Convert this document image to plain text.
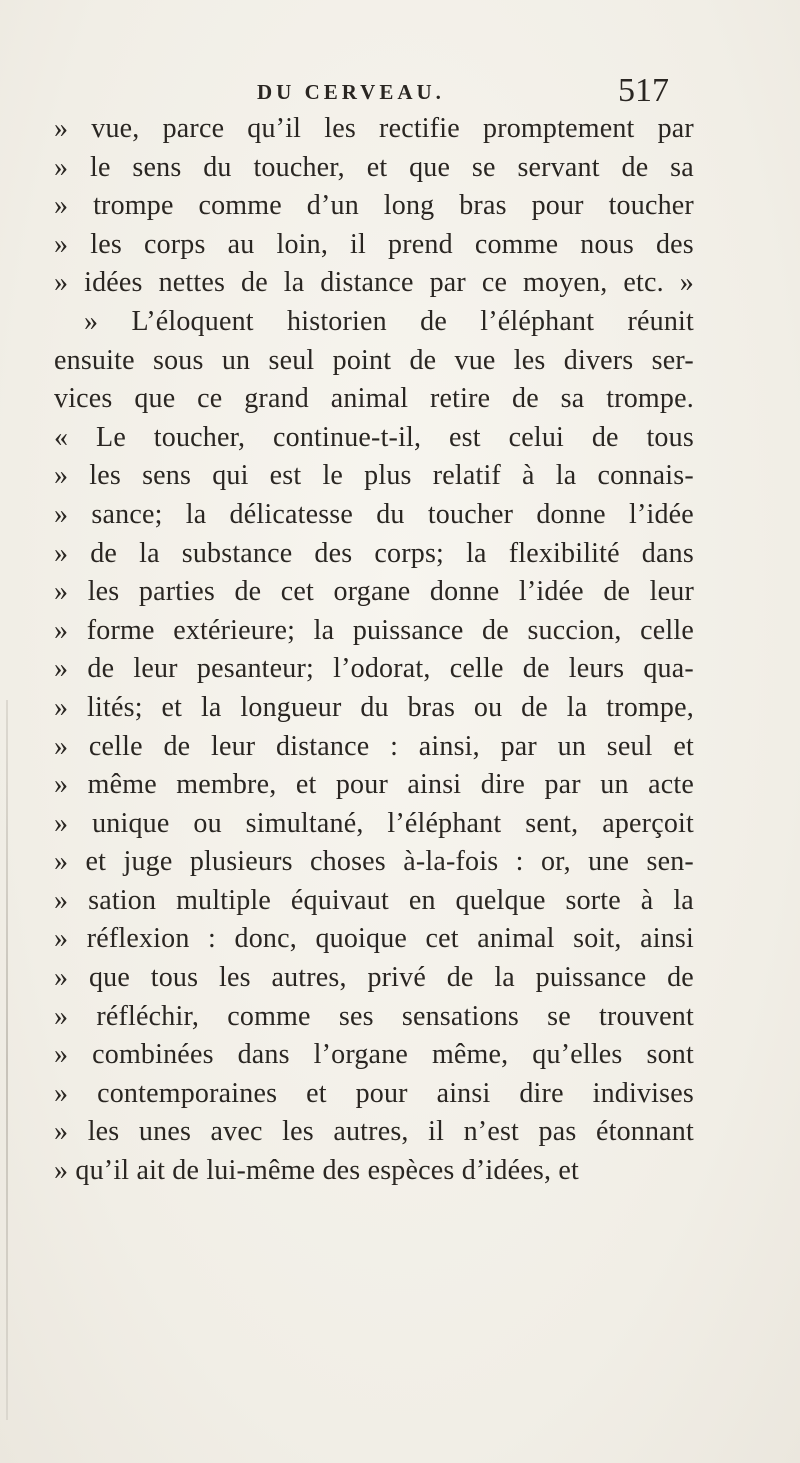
DU CERVEAU.	517
» vue, parce qu’il les rectifie promptement par
» le sens du toucher, et que se servant de sa
» trompe comme d’un long bras pour toucher
» les corps au loin, il prend comme nous des
» idées nettes de la distance par ce moyen, etc. »
» L’éloquent historien de l’éléphant réunit
ensuite sous un seul point de vue les divers ser-
vices que ce grand animal retire de sa trompe.
« Le toucher, continue-t-il, est celui de tous
» les sens qui est le plus relatif à la connais-
» sance; la délicatesse du toucher donne l’idée
» de la substance des corps; la flexibilité dans
» les parties de cet organe donne l’idée de leur
» forme extérieure; la puissance de succion, celle
» de leur pesanteur; l’odorat, celle de leurs qua-
» lités; et la longueur du bras ou de la trompe,
» celle de leur distance : ainsi, par un seul et
» même membre, et pour ainsi dire par un acte
» unique ou simultané, l’éléphant sent, aperçoit
» et juge plusieurs choses à-la-fois : or, une sen-
» sation multiple équivaut en quelque sorte à la
» réflexion : donc, quoique cet animal soit, ainsi
» que tous les autres, privé de la puissance de
» réfléchir, comme ses sensations se trouvent
» combinées dans l’organe même, qu’elles sont
» contemporaines et pour ainsi dire indivises
» les unes avec les autres, il n’est pas étonnant
»
qu’il
ait
de
lui-même
des
espèces
d’idées,
et
